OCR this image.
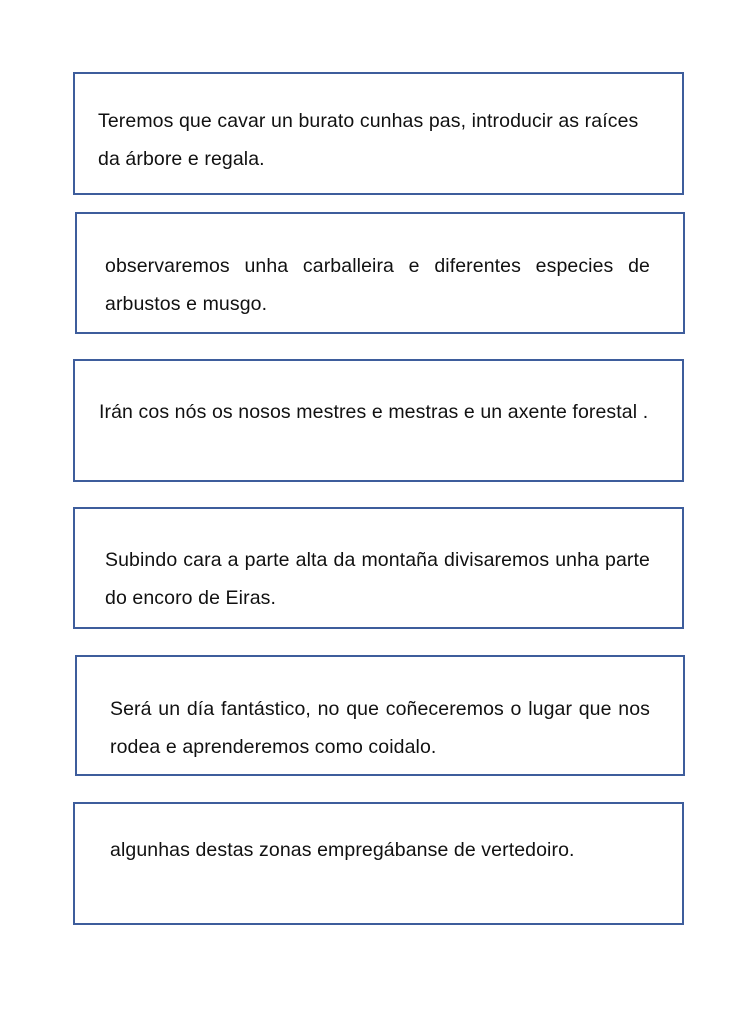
Teremos que cavar un burato cunhas pas, introducir as raíces da árbore e regala.
observaremos unha carballeira e diferentes especies de arbustos e musgo.
Irán cos nós os nosos mestres e mestras e un axente forestal .
Subindo cara a parte alta da montaña divisaremos unha parte do encoro de Eiras.
Será un día fantástico, no que coñeceremos o lugar que nos rodea e aprenderemos como coidalo.
algunhas destas zonas empregábanse de vertedoiro.
